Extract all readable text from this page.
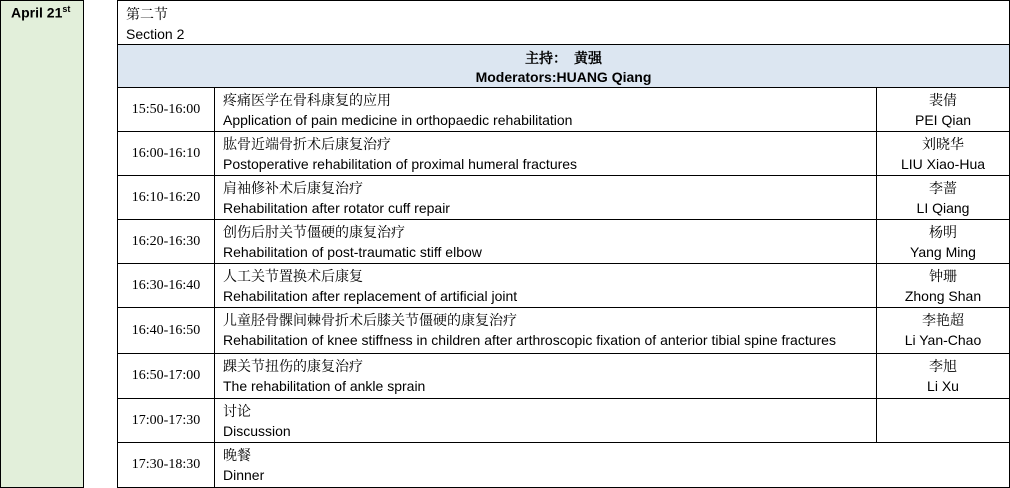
April 21st	第二节
Section 2
主持：　黄强
Moderators:HUANG Qiang
15:50-16:00
疼痛医学在骨科康复的应用
Application of pain medicine in orthopaedic rehabilitation
裴倩
PEI Qian
16:00-16:10
肱骨近端骨折术后康复治疗
Postoperative rehabilitation of proximal humeral fractures
刘晓华
LIU Xiao-Hua
16:10-16:20
肩袖修补术后康复治疗
Rehabilitation after rotator cuff repair
李蔷
LI Qiang
16:20-16:30
创伤后肘关节僵硬的康复治疗
Rehabilitation of post-traumatic stiff elbow
杨明
Yang Ming
16:30-16:40
人工关节置换术后康复
Rehabilitation after replacement of artificial joint
钟珊
Zhong Shan
16:40-16:50
儿童胫骨髁间棘骨折术后膝关节僵硬的康复治疗
Rehabilitation of knee stiffness in children after arthroscopic fixation of anterior tibial spine fractures
李艳超
Li Yan-Chao
16:50-17:00
踝关节扭伤的康复治疗
The rehabilitation of ankle sprain
李旭
Li Xu
17:00-17:30
讨论
Discussion
17:30-18:30
晚餐
Dinner
